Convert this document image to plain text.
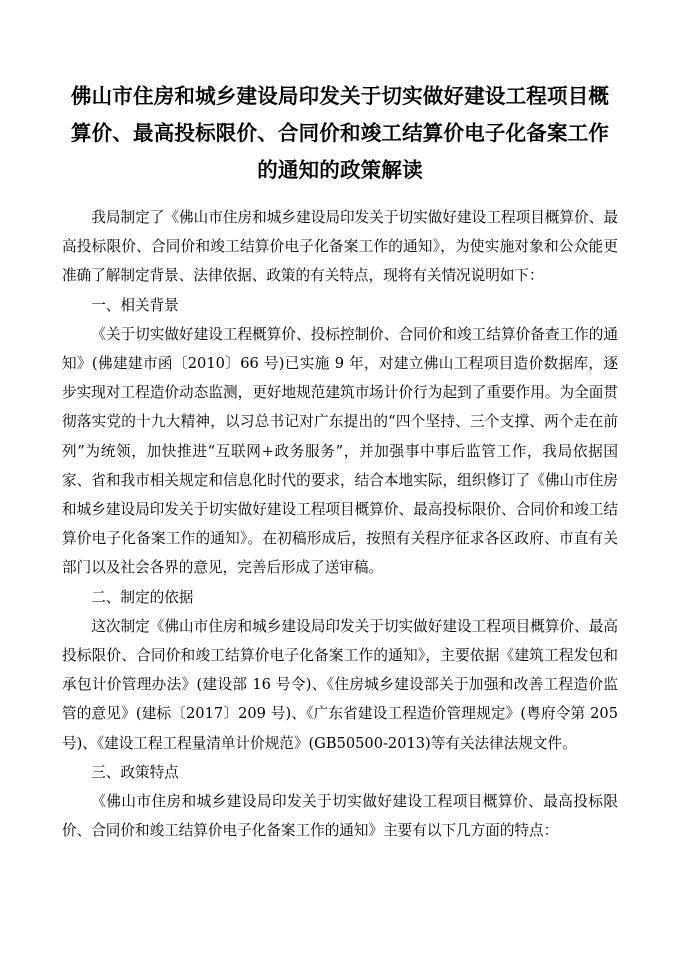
佛山市住房和城乡建设局印发关于切实做好建设工程项目概算价、最高投标限价、合同价和竣工结算价电子化备案工作的通知的政策解读

我局制定了《佛山市住房和城乡建设局印发关于切实做好建设工程项目概算价、最高投标限价、合同价和竣工结算价电子化备案工作的通知》，为使实施对象和公众能更准确了解制定背景、法律依据、政策的有关特点，现将有关情况说明如下：

一、相关背景

《关于切实做好建设工程概算价、投标控制价、合同价和竣工结算价备查工作的通知》(佛建建市函〔2010〕66 号)已实施 9 年，对建立佛山工程项目造价数据库，逐步实现对工程造价动态监测，更好地规范建筑市场计价行为起到了重要作用。为全面贯彻落实党的十九大精神，以习总书记对广东提出的“四个坚持、三个支撑、两个走在前列”为统领，加快推进“互联网+政务服务”，并加强事中事后监管工作，我局依据国家、省和我市相关规定和信息化时代的要求，结合本地实际，组织修订了《佛山市住房和城乡建设局印发关于切实做好建设工程项目概算价、最高投标限价、合同价和竣工结算价电子化备案工作的通知》。在初稿形成后，按照有关程序征求各区政府、市直有关部门以及社会各界的意见，完善后形成了送审稿。

二、制定的依据

这次制定《佛山市住房和城乡建设局印发关于切实做好建设工程项目概算价、最高投标限价、合同价和竣工结算价电子化备案工作的通知》，主要依据《建筑工程发包和承包计价管理办法》(建设部 16 号令)、《住房城乡建设部关于加强和改善工程造价监管的意见》(建标〔2017〕209 号)、《广东省建设工程造价管理规定》(粤府令第 205 号)、《建设工程工程量清单计价规范》(GB50500-2013)等有关法律法规文件。

三、政策特点

《佛山市住房和城乡建设局印发关于切实做好建设工程项目概算价、最高投标限价、合同价和竣工结算价电子化备案工作的通知》主要有以下几方面的特点：
